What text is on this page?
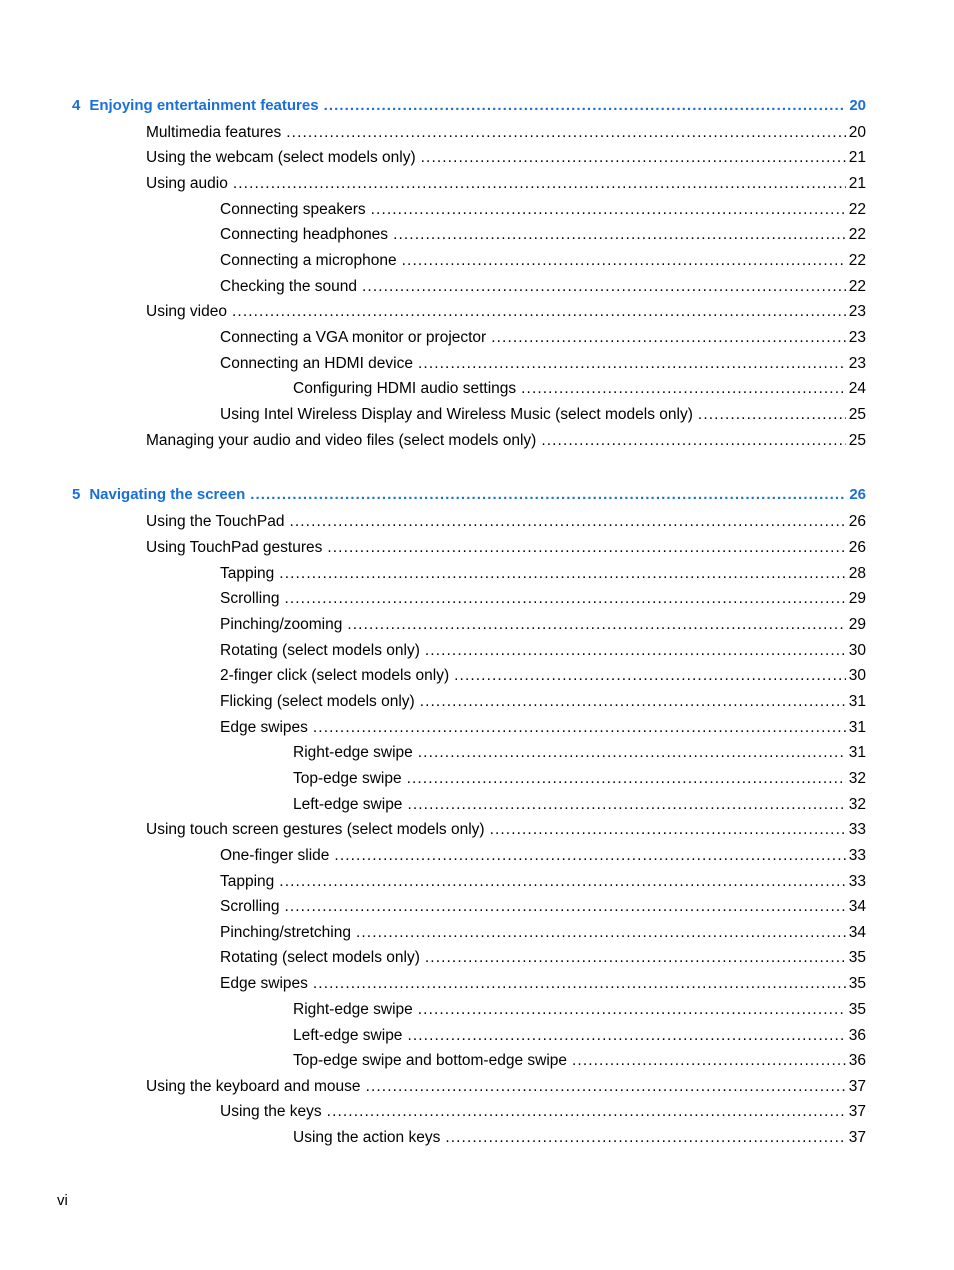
4 Enjoying entertainment features .....	20
Multimedia features .....	20
Using the webcam (select models only) .....	21
Using audio .....	21
Connecting speakers .....	22
Connecting headphones .....	22
Connecting a microphone .....	22
Checking the sound .....	22
Using video .....	23
Connecting a VGA monitor or projector .....	23
Connecting an HDMI device .....	23
Configuring HDMI audio settings .....	24
Using Intel Wireless Display and Wireless Music (select models only) .....	25
Managing your audio and video files (select models only) .....	25
5 Navigating the screen .....	26
Using the TouchPad .....	26
Using TouchPad gestures .....	26
Tapping .....	28
Scrolling .....	29
Pinching/zooming .....	29
Rotating (select models only) .....	30
2-finger click (select models only) .....	30
Flicking (select models only) .....	31
Edge swipes .....	31
Right-edge swipe .....	31
Top-edge swipe .....	32
Left-edge swipe .....	32
Using touch screen gestures (select models only) .....	33
One-finger slide .....	33
Tapping .....	33
Scrolling .....	34
Pinching/stretching .....	34
Rotating (select models only) .....	35
Edge swipes .....	35
Right-edge swipe .....	35
Left-edge swipe .....	36
Top-edge swipe and bottom-edge swipe .....	36
Using the keyboard and mouse .....	37
Using the keys .....	37
Using the action keys .....	37
vi
